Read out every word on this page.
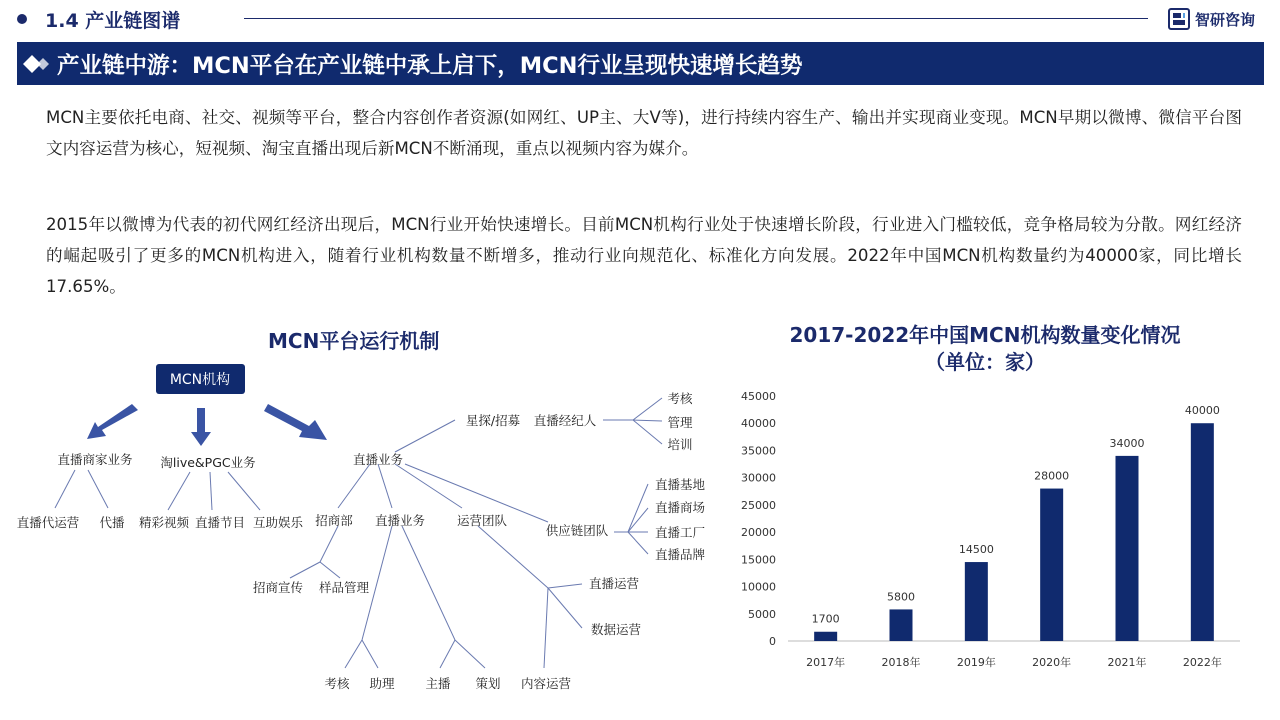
1.4 产业链图谱	智研咨询
产业链中游：MCN平台在产业链中承上启下，MCN行业呈现快速增长趋势

MCN主要依托电商、社交、视频等平台，整合内容创作者资源(如网红、UP主、大V等)，进行持续内容生产、输出并实现商业变现。MCN早期以微博、微信平台图文内容运营为核心，短视频、淘宝直播出现后新MCN不断涌现，重点以视频内容为媒介。

2015年以微博为代表的初代网红经济出现后，MCN行业开始快速增长。目前MCN机构行业处于快速增长阶段，行业进入门槛较低，竞争格局较为分散。网红经济的崛起吸引了更多的MCN机构进入，随着行业机构数量不断增多，推动行业向规范化、标准化方向发展。2022年中国MCN机构数量约为40000家，同比增长17.65%。

MCN平台运行机制
MCN机构
直播商家业务 淘live&PGC业务	直播业务
直播代运营 代播 精彩视频 直播节目 互助娱乐 招商部 直播业务	运营团队
供应链团队
星探/招募 直播经纪人
考核
管理
培训
直播基地
直播商场
直播工厂
直播品牌
招商宣传 样品管理	直播运营
数据运营
考核 助理 主播 策划 内容运营
2017-2022年中国MCN机构数量变化情况（单位：家）
0
5000
10000
15000
20000
25000
30000
35000
40000
45000
1700
2017年
5800
2018年
14500
2019年
28000
2020年
34000
2021年
40000
2022年
